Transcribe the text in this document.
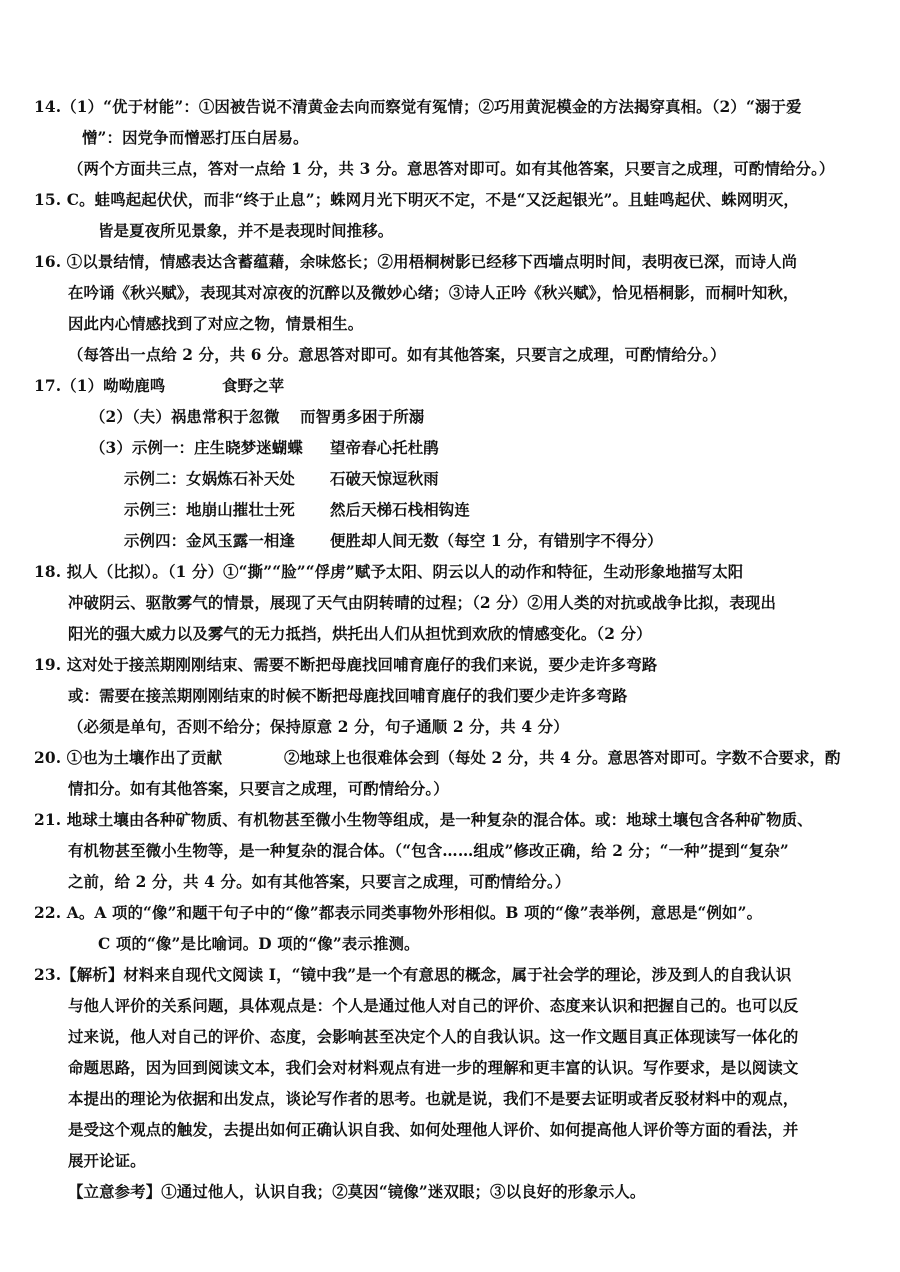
14.（1）“优于材能”：①因被告说不清黄金去向而察觉有冤情；②巧用黄泥模金的方法揭穿真相。（2）“溺于爱
憎”：因党争而憎恶打压白居易。
（两个方面共三点，答对一点给 1 分，共 3 分。意思答对即可。如有其他答案，只要言之成理，可酌情给分。）
15. C。蛙鸣起起伏伏，而非“终于止息”；蛛网月光下明灭不定，不是“又泛起银光”。且蛙鸣起伏、蛛网明灭，
皆是夏夜所见景象，并不是表现时间推移。
16. ①以景结情，情感表达含蓄蕴藉，余味悠长；②用梧桐树影已经移下西墙点明时间，表明夜已深，而诗人尚
在吟诵《秋兴赋》，表现其对凉夜的沉醉以及微妙心绪；③诗人正吟《秋兴赋》，恰见梧桐影，而桐叶知秋，
因此内心情感找到了对应之物，情景相生。
（每答出一点给 2 分，共 6 分。意思答对即可。如有其他答案，只要言之成理，可酌情给分。）
17.（1）呦呦鹿鸣	食野之苹
（2）（夫）祸患常积于忽微 而智勇多困于所溺
（3）示例一：庄生晓梦迷蝴蝶 望帝春心托杜鹃
示例二：女娲炼石补天处 石破天惊逗秋雨
示例三：地崩山摧壮士死 然后天梯石栈相钩连
示例四：金风玉露一相逢 便胜却人间无数（每空 1 分，有错别字不得分）
18. 拟人（比拟）。（1 分）①“撕”“脸”“俘虏”赋予太阳、阴云以人的动作和特征，生动形象地描写太阳
冲破阴云、驱散雾气的情景，展现了天气由阴转晴的过程；（2 分）②用人类的对抗或战争比拟，表现出
阳光的强大威力以及雾气的无力抵挡，烘托出人们从担忧到欢欣的情感变化。（2 分）
19. 这对处于接羔期刚刚结束、需要不断把母鹿找回哺育鹿仔的我们来说，要少走许多弯路
或：需要在接羔期刚刚结束的时候不断把母鹿找回哺育鹿仔的我们要少走许多弯路
（必须是单句，否则不给分；保持原意 2 分，句子通顺 2 分，共 4 分）
20. ①也为土壤作出了贡献	②地球上也很难体会到（每处 2 分，共 4 分。意思答对即可。字数不合要求，酌
情扣分。如有其他答案，只要言之成理，可酌情给分。）
21. 地球土壤由各种矿物质、有机物甚至微小生物等组成，是一种复杂的混合体。或：地球土壤包含各种矿物质、
有机物甚至微小生物等，是一种复杂的混合体。（“包含……组成”修改正确，给 2 分；“一种”提到“复杂”
之前，给 2 分，共 4 分。如有其他答案，只要言之成理，可酌情给分。）
22. A。A 项的“像”和题干句子中的“像”都表示同类事物外形相似。B 项的“像”表举例，意思是“例如”。
C 项的“像”是比喻词。D 项的“像”表示推测。
23.【解析】材料来自现代文阅读 I，“镜中我”是一个有意思的概念，属于社会学的理论，涉及到人的自我认识
与他人评价的关系问题，具体观点是：个人是通过他人对自己的评价、态度来认识和把握自己的。也可以反
过来说，他人对自己的评价、态度，会影响甚至决定个人的自我认识。这一作文题目真正体现读写一体化的
命题思路，因为回到阅读文本，我们会对材料观点有进一步的理解和更丰富的认识。写作要求，是以阅读文
本提出的理论为依据和出发点，谈论写作者的思考。也就是说，我们不是要去证明或者反驳材料中的观点，
是受这个观点的触发，去提出如何正确认识自我、如何处理他人评价、如何提高他人评价等方面的看法，并
展开论证。
【立意参考】①通过他人，认识自我；②莫因“镜像”迷双眼；③以良好的形象示人。
